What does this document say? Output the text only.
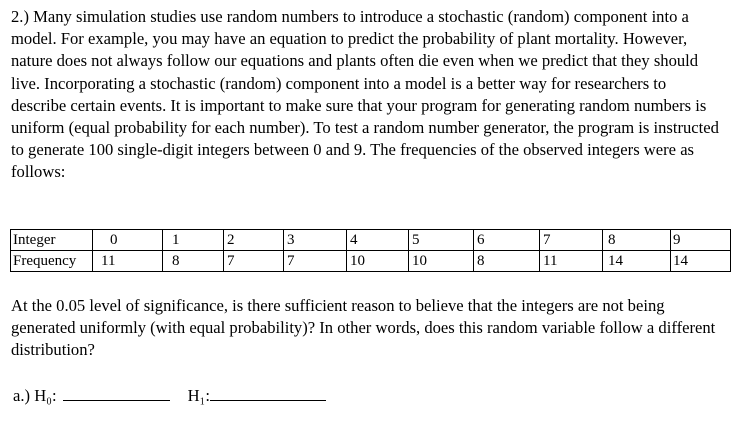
2.) Many simulation studies use random numbers to introduce a stochastic (random) component into a model. For example, you may have an equation to predict the probability of plant mortality. However, nature does not always follow our equations and plants often die even when we predict that they should live. Incorporating a stochastic (random) component into a model is a better way for researchers to describe certain events. It is important to make sure that your program for generating random numbers is uniform (equal probability for each number). To test a random number generator, the program is instructed to generate 100 single-digit integers between 0 and 9. The frequencies of the observed integers were as follows:

Integer	0	1	2	3	4	5	6	7	8	9
Frequency	11	8	7	7	10	10	8	11	14	14

At the 0.05 level of significance, is there sufficient reason to believe that the integers are not being generated uniformly (with equal probability)? In other words, does this random variable follow a different distribution?

a.) H₀:	H₁:
